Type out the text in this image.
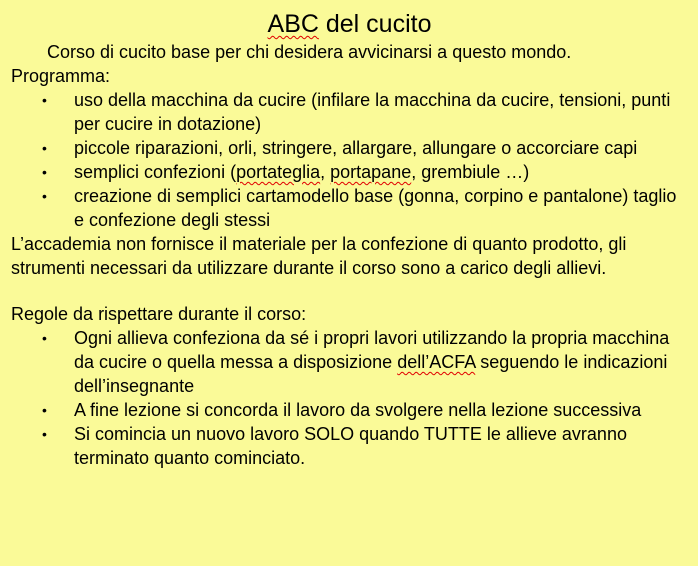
ABC del cucito
Corso di cucito base per chi desidera avvicinarsi a questo mondo.
Programma:
• uso della macchina da cucire (infilare la macchina da cucire, tensioni, punti per cucire in dotazione)
• piccole riparazioni, orli, stringere, allargare, allungare o accorciare capi
• semplici confezioni (portateglia, portapane, grembiule …)
• creazione di semplici cartamodello base (gonna, corpino e pantalone) taglio e confezione degli stessi
L’accademia non fornisce il materiale per la confezione di quanto prodotto, gli strumenti necessari da utilizzare durante il corso sono a carico degli allievi.
Regole da rispettare durante il corso:
• Ogni allieva confeziona da sé i propri lavori utilizzando la propria macchina da cucire o quella messa a disposizione dell’ACFA seguendo le indicazioni dell’insegnante
• A fine lezione si concorda il lavoro da svolgere nella lezione successiva
• Si comincia un nuovo lavoro SOLO quando TUTTE le allieve avranno terminato quanto cominciato.
